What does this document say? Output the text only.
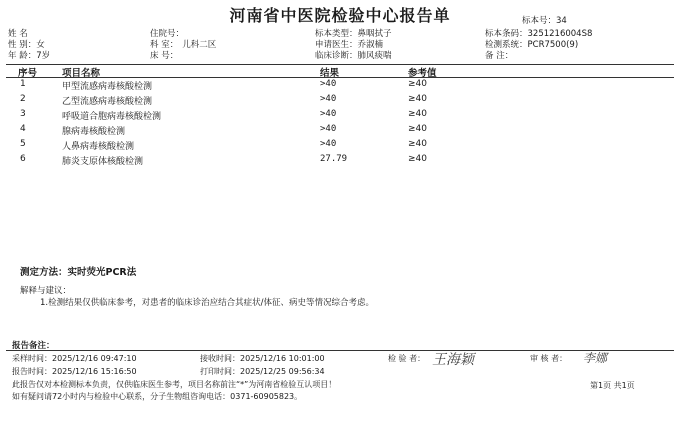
河南省中医院检验中心报告单	标本号：34
姓 名
性 别：女
年 龄：7岁
住院号：
科 室： 儿科二区
床 号：
标本类型：鼻咽拭子
申请医生：乔淑楠
临床诊断：肺风痰喘
标本条码：3251216004S8
检测系统：PCR7500(9)
备 注：
序号	项目名称	结果	参考值
1	甲型流感病毒核酸检测	>40	≥40
2	乙型流感病毒核酸检测	>40	≥40
3	呼吸道合胞病毒核酸检测	>40	≥40
4	腺病毒核酸检测	>40	≥40
5	人鼻病毒核酸检测	>40	≥40
6	肺炎支原体核酸检测	27.79	≥40
测定方法：实时荧光PCR法
解释与建议：
1.检测结果仅供临床参考，对患者的临床诊治应结合其症状/体征、病史等情况综合考虑。
报告备注：
采样时间：2025/12/16 09:47:10	接收时间：2025/12/16 10:01:00
报告时间：2025/12/16 15:16:50	打印时间：2025/12/25 09:56:34
检 验 者： 王海颖	审 核 者： 李娜
此报告仅对本检测标本负责，仅供临床医生参考，项目名称前注“*”为河南省检验互认项目！	第1页 共1页
如有疑问请72小时内与检验中心联系，分子生物组咨询电话：0371-60905823。
